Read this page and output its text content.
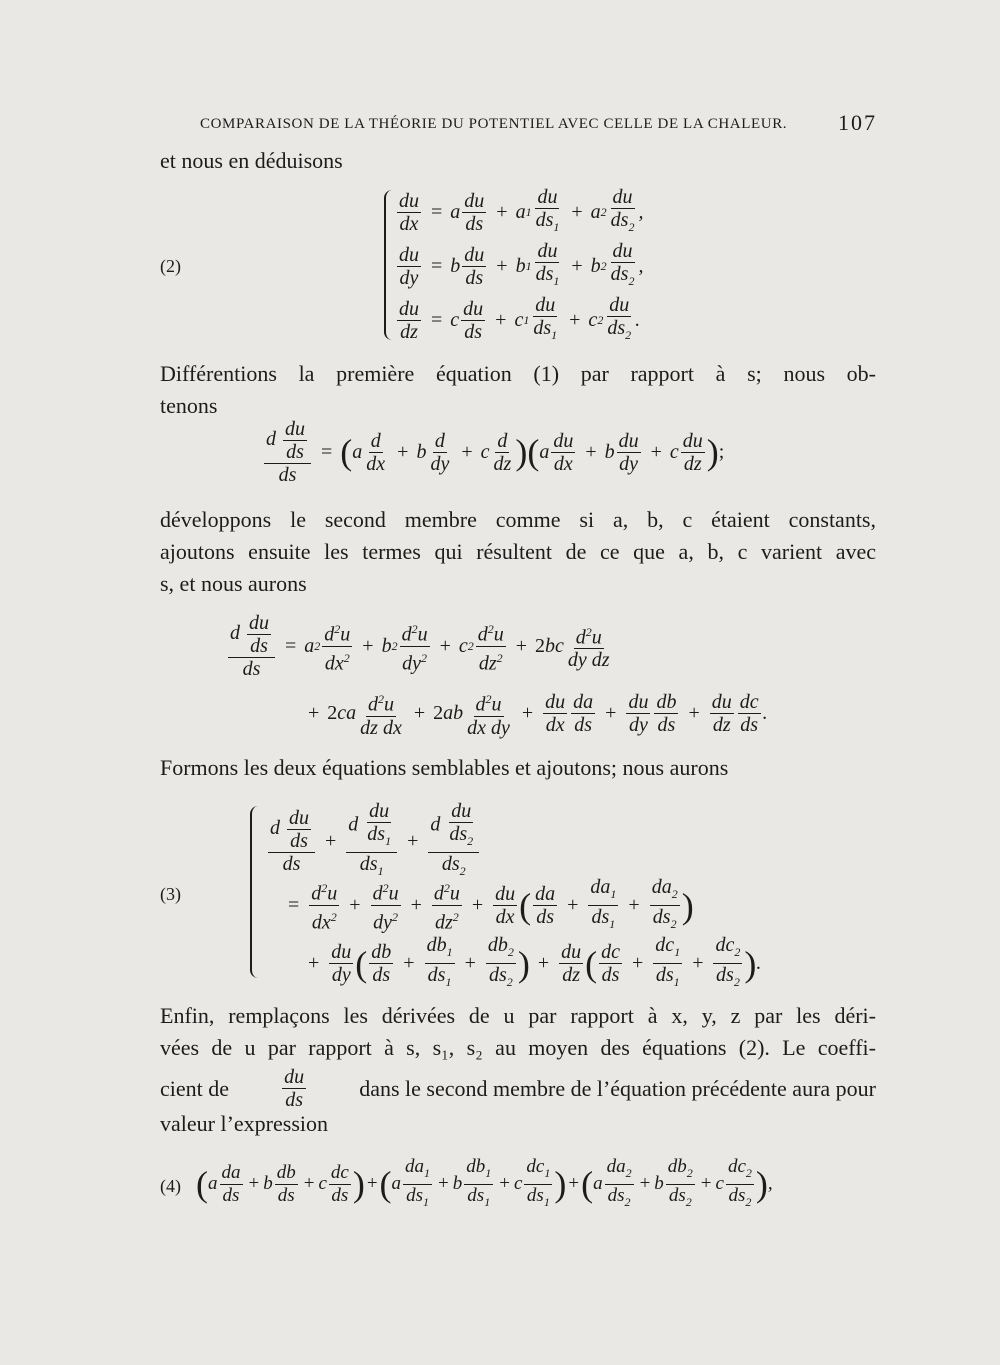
COMPARAISON DE LA THÉORIE DU POTENTIEL AVEC CELLE DE LA CHALEUR.	107
et nous en déduisons
(2)
$\frac{du}{dx} = a \frac{du}{ds} + a$ $1 \frac{du}{ds_1} + a$ $2 \frac{du}{ds_2}$ ,
$\frac{du}{dy} = b \frac{du}{ds} + b$ $1 \frac{du}{ds_1} + b$ $2 \frac{du}{ds_2}$ ,
$\frac{du}{dz} = c \frac{du}{ds} + c$ $1 \frac{du}{ds_1} + c$ $2 \frac{du}{ds_2}$ .
Différentions la première équation (1) par rapport à s; nous ob-
tenons
$\frac{d \frac{du}{ds}}{ds}$ = ( a $\frac{d}{dx} + b \frac{d}{dy} + c \frac{d}{dz}$ ) ( a $\frac{du}{dx} + b \frac{du}{dy} + c \frac{du}{dz}$ ) ;
développons le second membre comme si a, b, c étaient constants,
ajoutons ensuite les termes qui résultent de ce que a, b, c varient avec
s, et nous aurons
$\frac{d \frac{du}{ds}}{ds} = a$ $2 \frac{d^2u}{dx^2} + b$ $2 \frac{d^2u}{dy^2} + c$ $2 \frac{d^2u}{dz^2} + 2$ bc $\frac{d^2u}{\text{dy dz}}$
+ 2 ca $\frac{d^2u}{\text{dz dx}} + 2$ ab $\frac{d^2u}{\text{dx dy}} + \frac{du}{dx} \frac{da}{ds} + \frac{du}{dy} \frac{db}{ds} + \frac{du}{dz} \frac{dc}{ds}$ .
Formons les deux équations semblables et ajoutons; nous aurons
(3)
$\frac{d \frac{du}{ds}}{ds} + \frac{d \frac{du}{ds_1}}{ds_1} + \frac{d \frac{du}{ds_2}}{ds_2}$
= $\frac{d^2u}{dx^2} + \frac{d^2u}{dy^2} + \frac{d^2u}{dz^2} + \frac{du}{dx}$ ( $\frac{da}{ds} + \frac{da_1}{ds_1} + \frac{da_2}{ds_2}$ )
+ $\frac{du}{dy}$ ( $\frac{db}{ds} + \frac{db_1}{ds_1} + \frac{db_2}{ds_2}$ ) + $\frac{du}{dz}$ ( $\frac{dc}{ds} + \frac{dc_1}{ds_1} + \frac{dc_2}{ds_2}$ ) .
Enfin, remplaçons les dérivées de u par rapport à x, y, z par les déri-
vées de u par rapport à s, s₁, s₂ au moyen des équations (2). Le coeffi-
cient de	$\frac{du}{ds}$ dans le second membre de l’équation précédente aura pour
valeur l’expression
(4) ( a $\frac{da}{ds} + b \frac{db}{ds} + c \frac{dc}{ds}$ ) + ( a $\frac{da_1}{ds_1} + b \frac{db_1}{ds_1} + c \frac{dc_1}{ds_1}$ ) + ( a $\frac{da_2}{ds_2} + b \frac{db_2}{ds_2} + c \frac{dc_2}{ds_2}$ ) ,
